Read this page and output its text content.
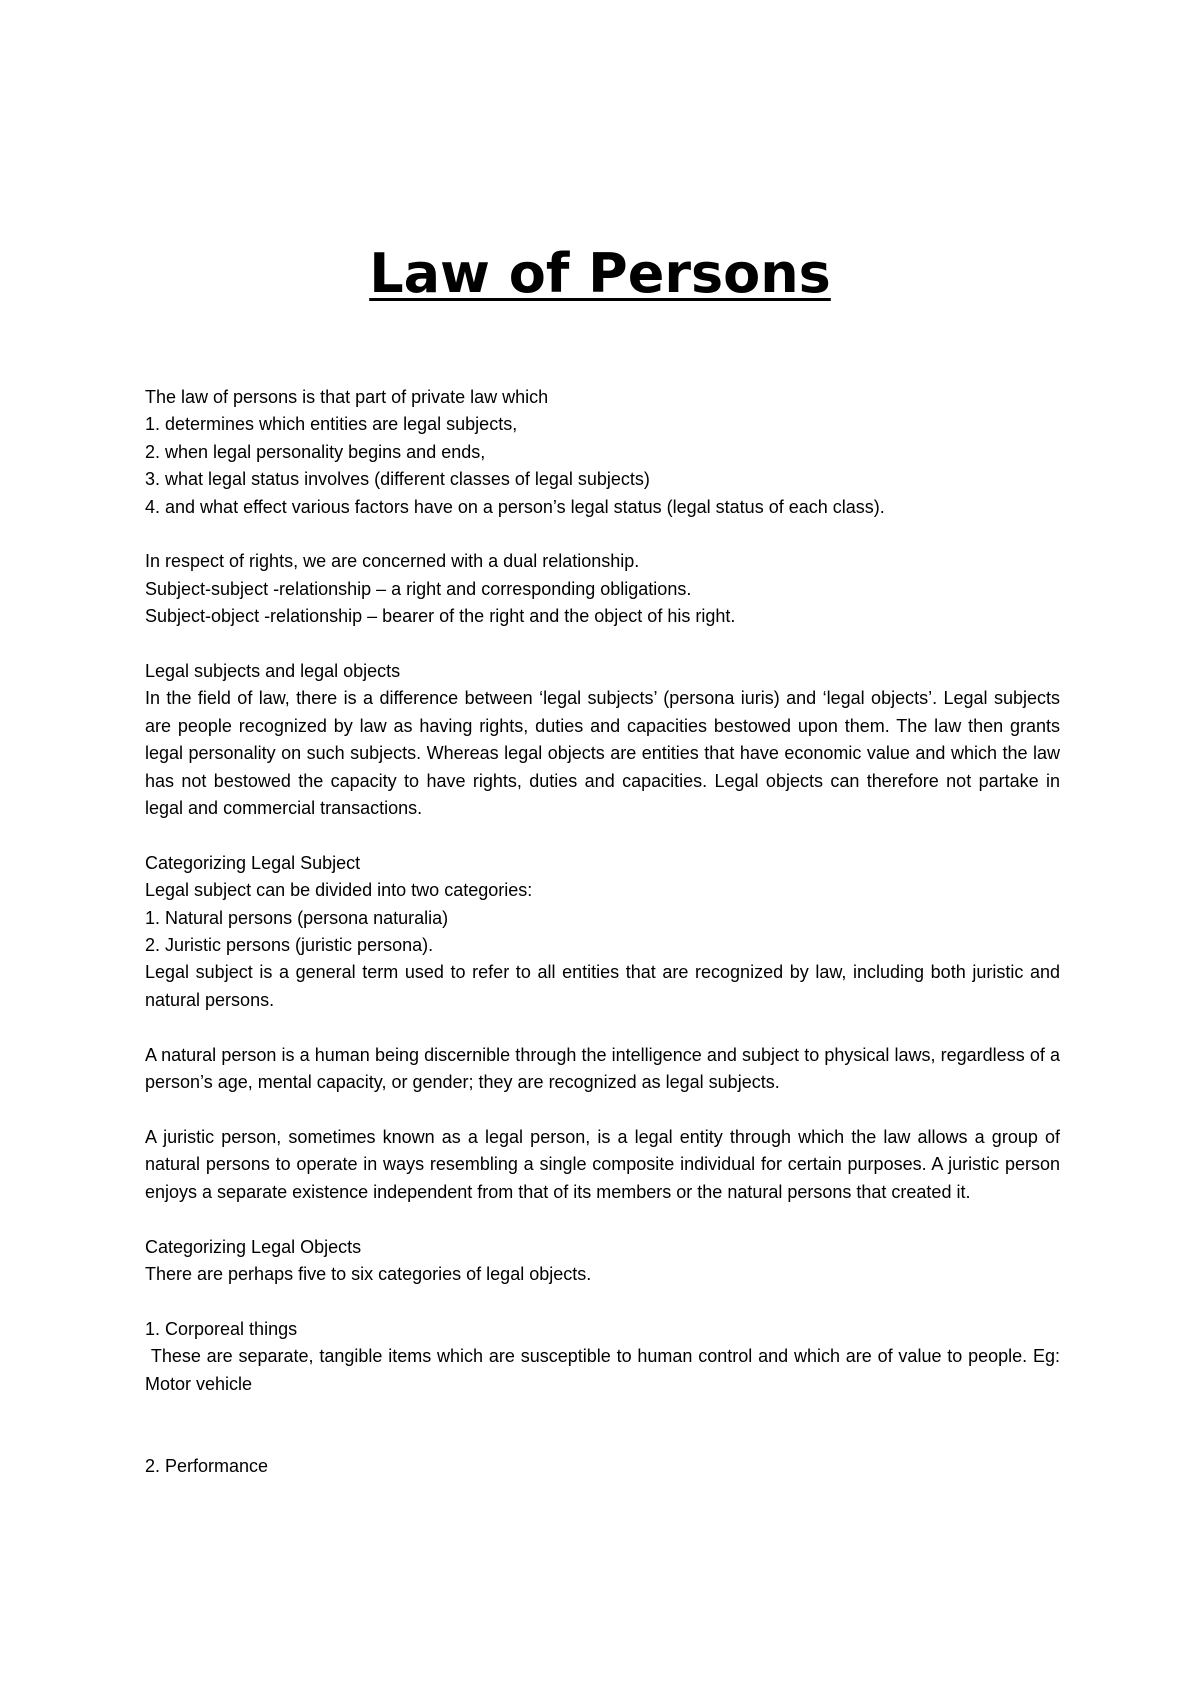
Law of Persons
The law of persons is that part of private law which
1. determines which entities are legal subjects,
2. when legal personality begins and ends,
3. what legal status involves (different classes of legal subjects)
4. and what effect various factors have on a person’s legal status (legal status of each class).
In respect of rights, we are concerned with a dual relationship.
Subject-subject -relationship – a right and corresponding obligations.
Subject-object -relationship – bearer of the right and the object of his right.
Legal subjects and legal objects

In the field of law, there is a difference between ‘legal subjects’ (persona iuris) and ‘legal objects’. Legal subjects are people recognized by law as having rights, duties and capacities bestowed upon them. The law then grants legal personality on such subjects. Whereas legal objects are entities that have economic value and which the law has not bestowed the capacity to have rights, duties and capacities. Legal objects can therefore not partake in legal and commercial transactions.

Categorizing Legal Subject
Legal subject can be divided into two categories:
1. Natural persons (persona naturalia)
2. Juristic persons (juristic persona).

Legal subject is a general term used to refer to all entities that are recognized by law, including both juristic and natural persons.

A natural person is a human being discernible through the intelligence and subject to physical laws, regardless of a person’s age, mental capacity, or gender; they are recognized as legal subjects.

A juristic person, sometimes known as a legal person, is a legal entity through which the law allows a group of natural persons to operate in ways resembling a single composite individual for certain purposes. A juristic person enjoys a separate existence independent from that of its members or the natural persons that created it.

Categorizing Legal Objects
There are perhaps five to six categories of legal objects.
1. Corporeal things

These are separate, tangible items which are susceptible to human control and which are of value to people. Eg: Motor vehicle

2. Performance
